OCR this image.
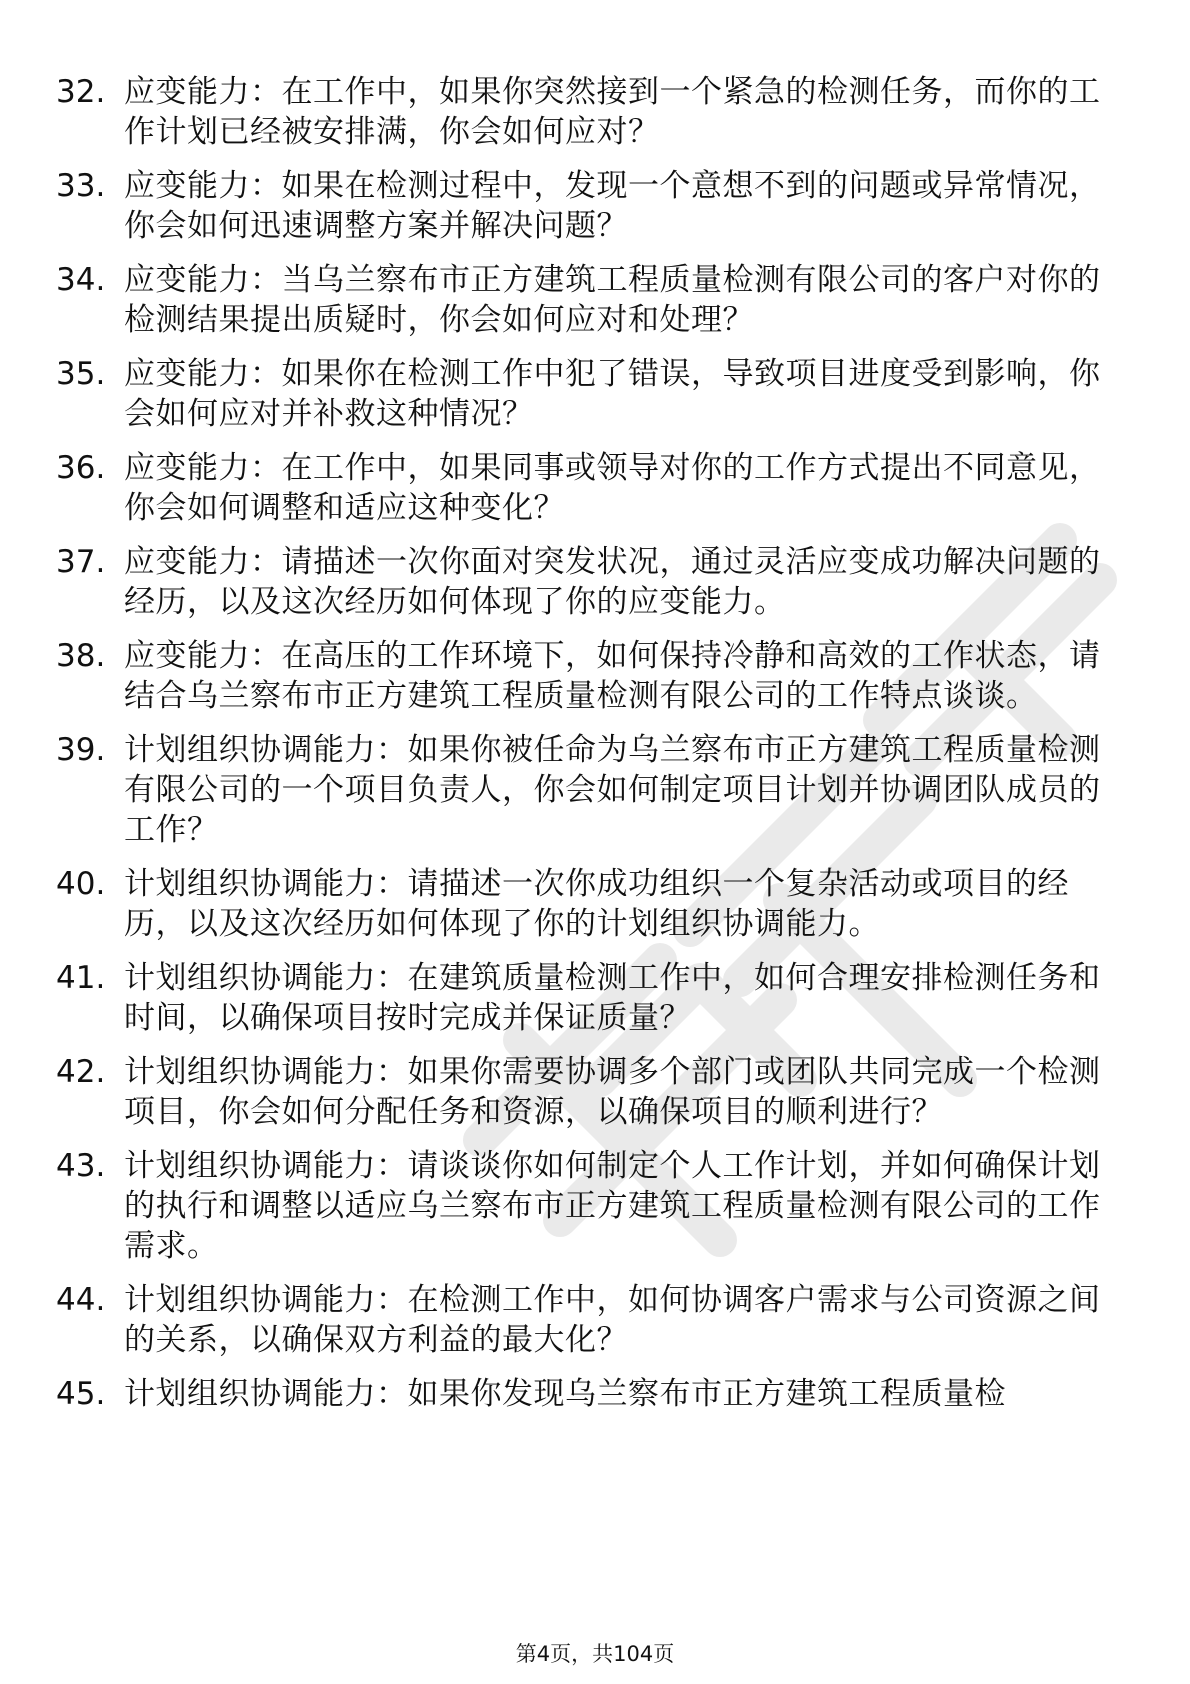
32. 应变能力：在工作中，如果你突然接到一个紧急的检测任务，而你的工作计划已经被安排满，你会如何应对？
33. 应变能力：如果在检测过程中，发现一个意想不到的问题或异常情况，你会如何迅速调整方案并解决问题？
34. 应变能力：当乌兰察布市正方建筑工程质量检测有限公司的客户对你的检测结果提出质疑时，你会如何应对和处理？
35. 应变能力：如果你在检测工作中犯了错误，导致项目进度受到影响，你会如何应对并补救这种情况？
36. 应变能力：在工作中，如果同事或领导对你的工作方式提出不同意见，你会如何调整和适应这种变化？
37. 应变能力：请描述一次你面对突发状况，通过灵活应变成功解决问题的经历，以及这次经历如何体现了你的应变能力。
38. 应变能力：在高压的工作环境下，如何保持冷静和高效的工作状态，请结合乌兰察布市正方建筑工程质量检测有限公司的工作特点谈谈。
39. 计划组织协调能力：如果你被任命为乌兰察布市正方建筑工程质量检测有限公司的一个项目负责人，你会如何制定项目计划并协调团队成员的工作？
40. 计划组织协调能力：请描述一次你成功组织一个复杂活动或项目的经历，以及这次经历如何体现了你的计划组织协调能力。
41. 计划组织协调能力：在建筑质量检测工作中，如何合理安排检测任务和时间，以确保项目按时完成并保证质量？
42. 计划组织协调能力：如果你需要协调多个部门或团队共同完成一个检测项目，你会如何分配任务和资源，以确保项目的顺利进行？
43. 计划组织协调能力：请谈谈你如何制定个人工作计划，并如何确保计划的执行和调整以适应乌兰察布市正方建筑工程质量检测有限公司的工作需求。
44. 计划组织协调能力：在检测工作中，如何协调客户需求与公司资源之间的关系，以确保双方利益的最大化？
45. 计划组织协调能力：如果你发现乌兰察布市正方建筑工程质量检
第4页，共104页
